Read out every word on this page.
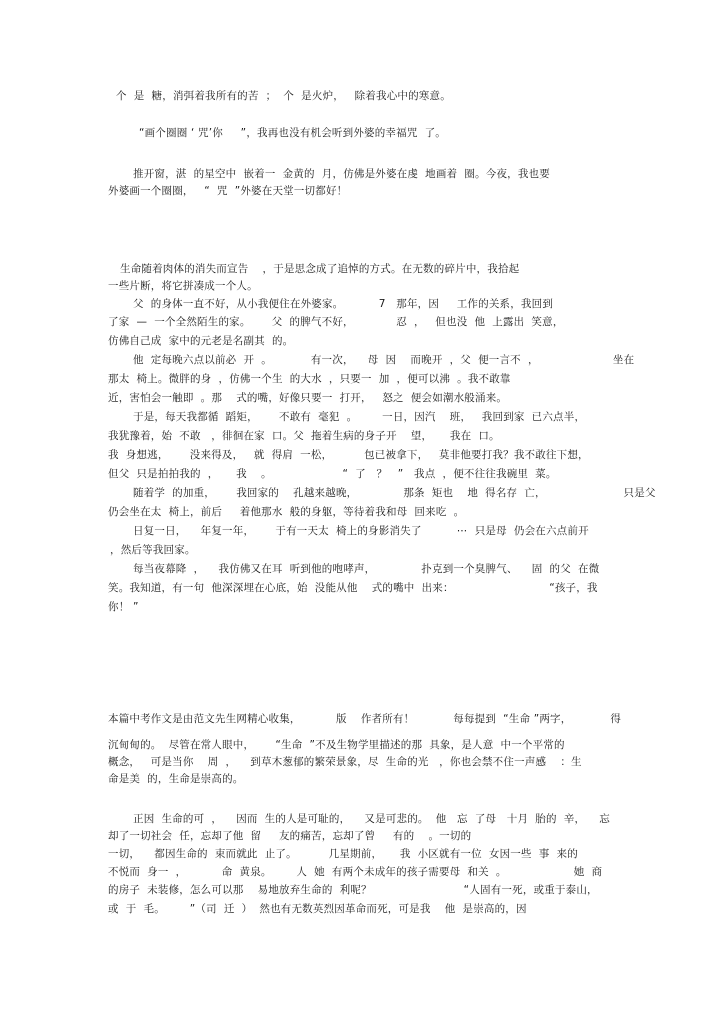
个  是  糖，消弭着我所有的苦  ；  个  是火炉，   除着我心中的寒意。
“画个圈圈 ‘ 咒’你     ”，我再也没有机会听到外婆的幸福咒  了。
推开窗，湛  的星空中  嵌着一  金黄的  月，仿佛是外婆在虔  地画着  圈。今夜，我也要
外婆画一个圈圈，   “  咒  ”外婆在天堂一切都好！
生命随着肉体的消失而宣告    ，于是思念成了追悼的方式。在无数的碎片中，我拾起
一些片断，将它拼凑成一个人。
父  的身体一直不好，从小我便住在外婆家。          7   那年，因     工作的关系，我回到
了家  —  一个全然陌生的家。      父  的脾气不好，            忍  ，   但也没  他  上露出  笑意，
仿佛自己成  家中的元老是名副其  的。
他  定每晚六点以前必  开  。           有一次，    母  因    而晚开  ，父  便一言不  ，                     坐在
那太  椅上。微胖的身  ，仿佛一个生  的大水  ，只要一  加  ，便可以沸  。我不敢靠
近，害怕会一触即  。那    式的嘴，好像只要一  打开，   怒之  便会如潮水般涌来。
于是，每天我都循  蹈矩，      不敢有  毫犯  。       一日，因汽    班，   我回到家  已六点半，
我犹豫着，始  不敢   ，徘徊在家  口。父  拖着生病的身子开    望，     我在  口。
我  身想逃，      没来得及，   就  得肩  一松，         包已被拿下，   莫非他要打我？我不敢往下想，
但父  只是拍拍我的  ，     我    。                    “  了   ？   ”   我点  ，便不往往我碗里  菜。
随着学  的加重，      我回家的    孔越来越晚，             那条  矩也    地  得名存  亡，                      只是父
仍会坐在太  椅上，前后     着他那水  般的身躯，等待着我和母  回来吃  。
日复一日，    年复一年，      于有一天太  椅上的身影消失了          ⋯  只是母  仍会在六点前开
，然后等我回家。
每当夜幕降  ，    我仿佛又在耳  听到他的咆哮声，             扑克到一个臭脾气、    固  的父  在微
笑。我知道，有一句  他深深埋在心底，始  没能从他    式的嘴中  出来：                           “孩子，我
你！ ”
本篇中考作文是由范文先生网精心收集，          版    作者所有！           每每提到  “生命 ”两字，           得
沉甸甸的。  尽管在常人眼中，      “生命  ”不及生物学里描述的那  具象，是人意  中一个平常的
概念，   可是当你    周  ，    到草木葱郁的繁荣景象，尽  生命的光   ，你也会禁不住一声感    ：生
命是美  的，生命是崇高的。
正因  生命的可  ，    因而  生的人是可耻的，    又是可悲的。  他   忘  了母   十月  胎的  辛，    忘
却了一切社会  任，忘却了他  留     友的痛苦，忘却了曾     有的    。一切的
一切，    都因生命的  束而就此  止了。         几星期前，     我  小区就有一位  女因一些  事  来的
不悦而  身一  ，          命  黄泉。       人  她  有两个未成年的孩子需要母  和关  。                   她  商
的房子  未装修，怎么可以那    易地放弃生命的  利呢？                          “人固有一死，或重于泰山，
或  于  毛。       ”（司  迁  ）  然也有无数英烈因革命而死，可是我    他  是崇高的，因
